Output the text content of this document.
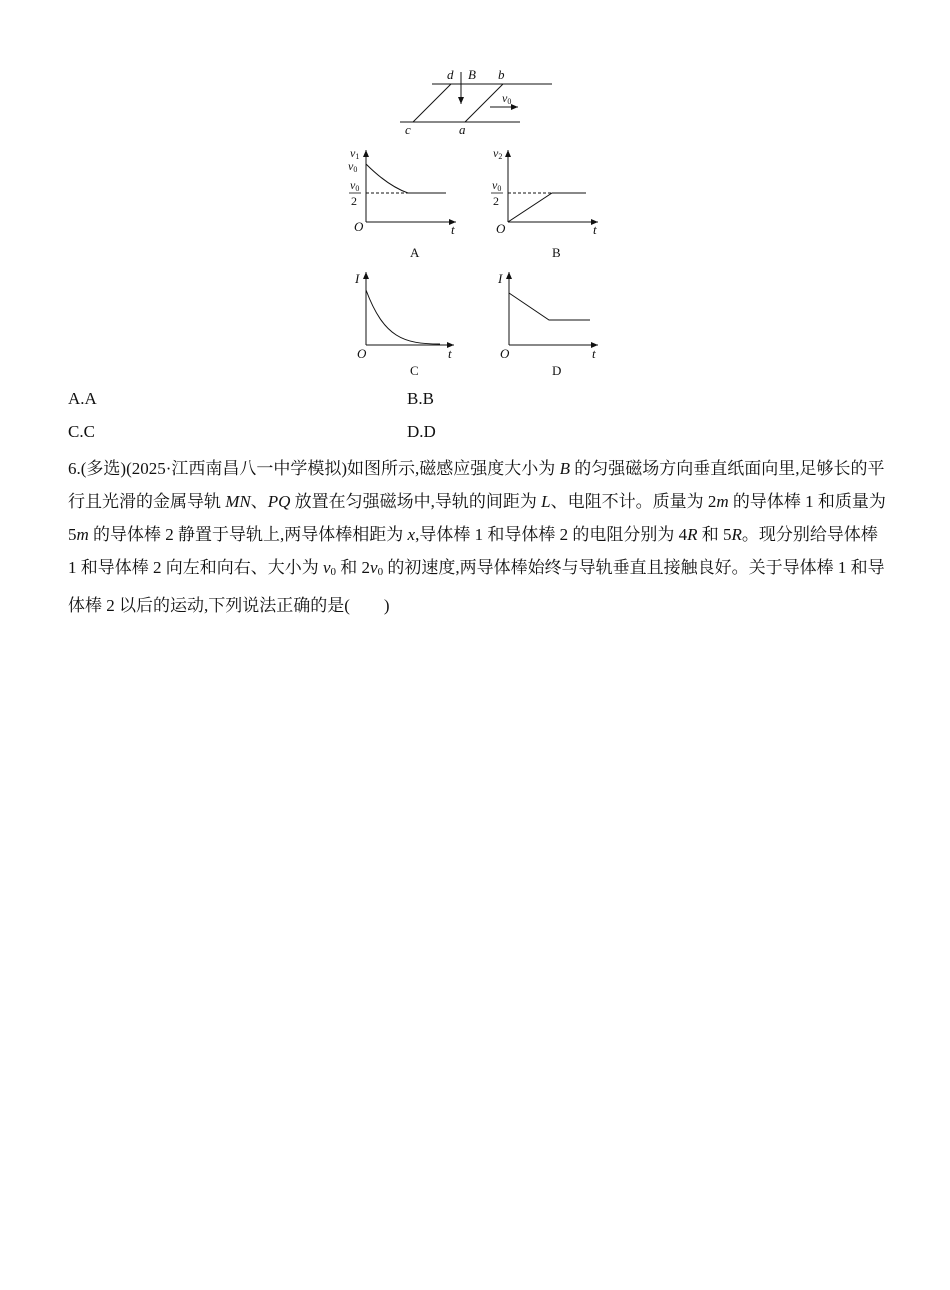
d	b
B
c	a
v0
v1
v0
v0
2
O	t
A
v2
v0
2
O	t
B
I
O	t
C
I
O	t
D
A.A	B.B
C.C	D.D
6.(多选)(2025·江西南昌八一中学模拟)如图所示,磁感应强度大小为 B 的匀强磁场方向垂直纸面向里,足够长的平行且光滑的金属导轨 MN、PQ 放置在匀强磁场中,导轨的间距为 L、电阻不计。质量为 2m 的导体棒 1 和质量为 5m 的导体棒 2 静置于导轨上,两导体棒相距为 x,导体棒 1 和导体棒 2 的电阻分别为 4R 和 5R。现分别给导体棒 1 和导体棒 2 向左和向右、大小为 $v_0$ 和 $2v_0$ 的初速度,两导体棒始终与导轨垂直且接触良好。关于导体棒 1 和导体棒 2 以后的运动,下列说法正确的是(　　)
